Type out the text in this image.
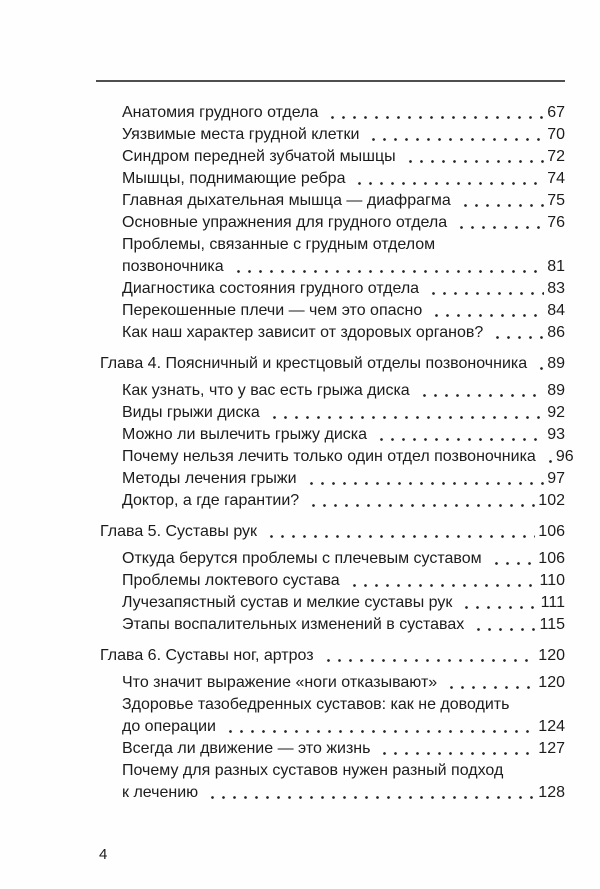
Анатомия грудного отдела	67
Уязвимые места грудной клетки	70
Синдром передней зубчатой мышцы	72
Мышцы, поднимающие ребра	74
Главная дыхательная мышца — диафрагма	75
Основные упражнения для грудного отдела	76
Проблемы, связанные с грудным отделом
позвоночника	81
Диагностика состояния грудного отдела	83
Перекошенные плечи — чем это опасно	84
Как наш характер зависит от здоровых органов?	86
Глава 4. Поясничный и крестцовый отделы позвоночника 89
Как узнать, что у вас есть грыжа диска	89
Виды грыжи диска	92
Можно ли вылечить грыжу диска	93
Почему нельзя лечить только один отдел позвоночника 96
Методы лечения грыжи	97
Доктор, а где гарантии?	102
Глава 5. Суставы рук	106
Откуда берутся проблемы с плечевым суставом	106
Проблемы локтевого сустава	110
Лучезапястный сустав и мелкие суставы рук	111
Этапы воспалительных изменений в суставах	115
Глава 6. Суставы ног, артроз	120
Что значит выражение «ноги отказывают»	120
Здоровье тазобедренных суставов: как не доводить
до операции	124
Всегда ли движение — это жизнь	127
Почему для разных суставов нужен разный подход
к лечению	128
4
